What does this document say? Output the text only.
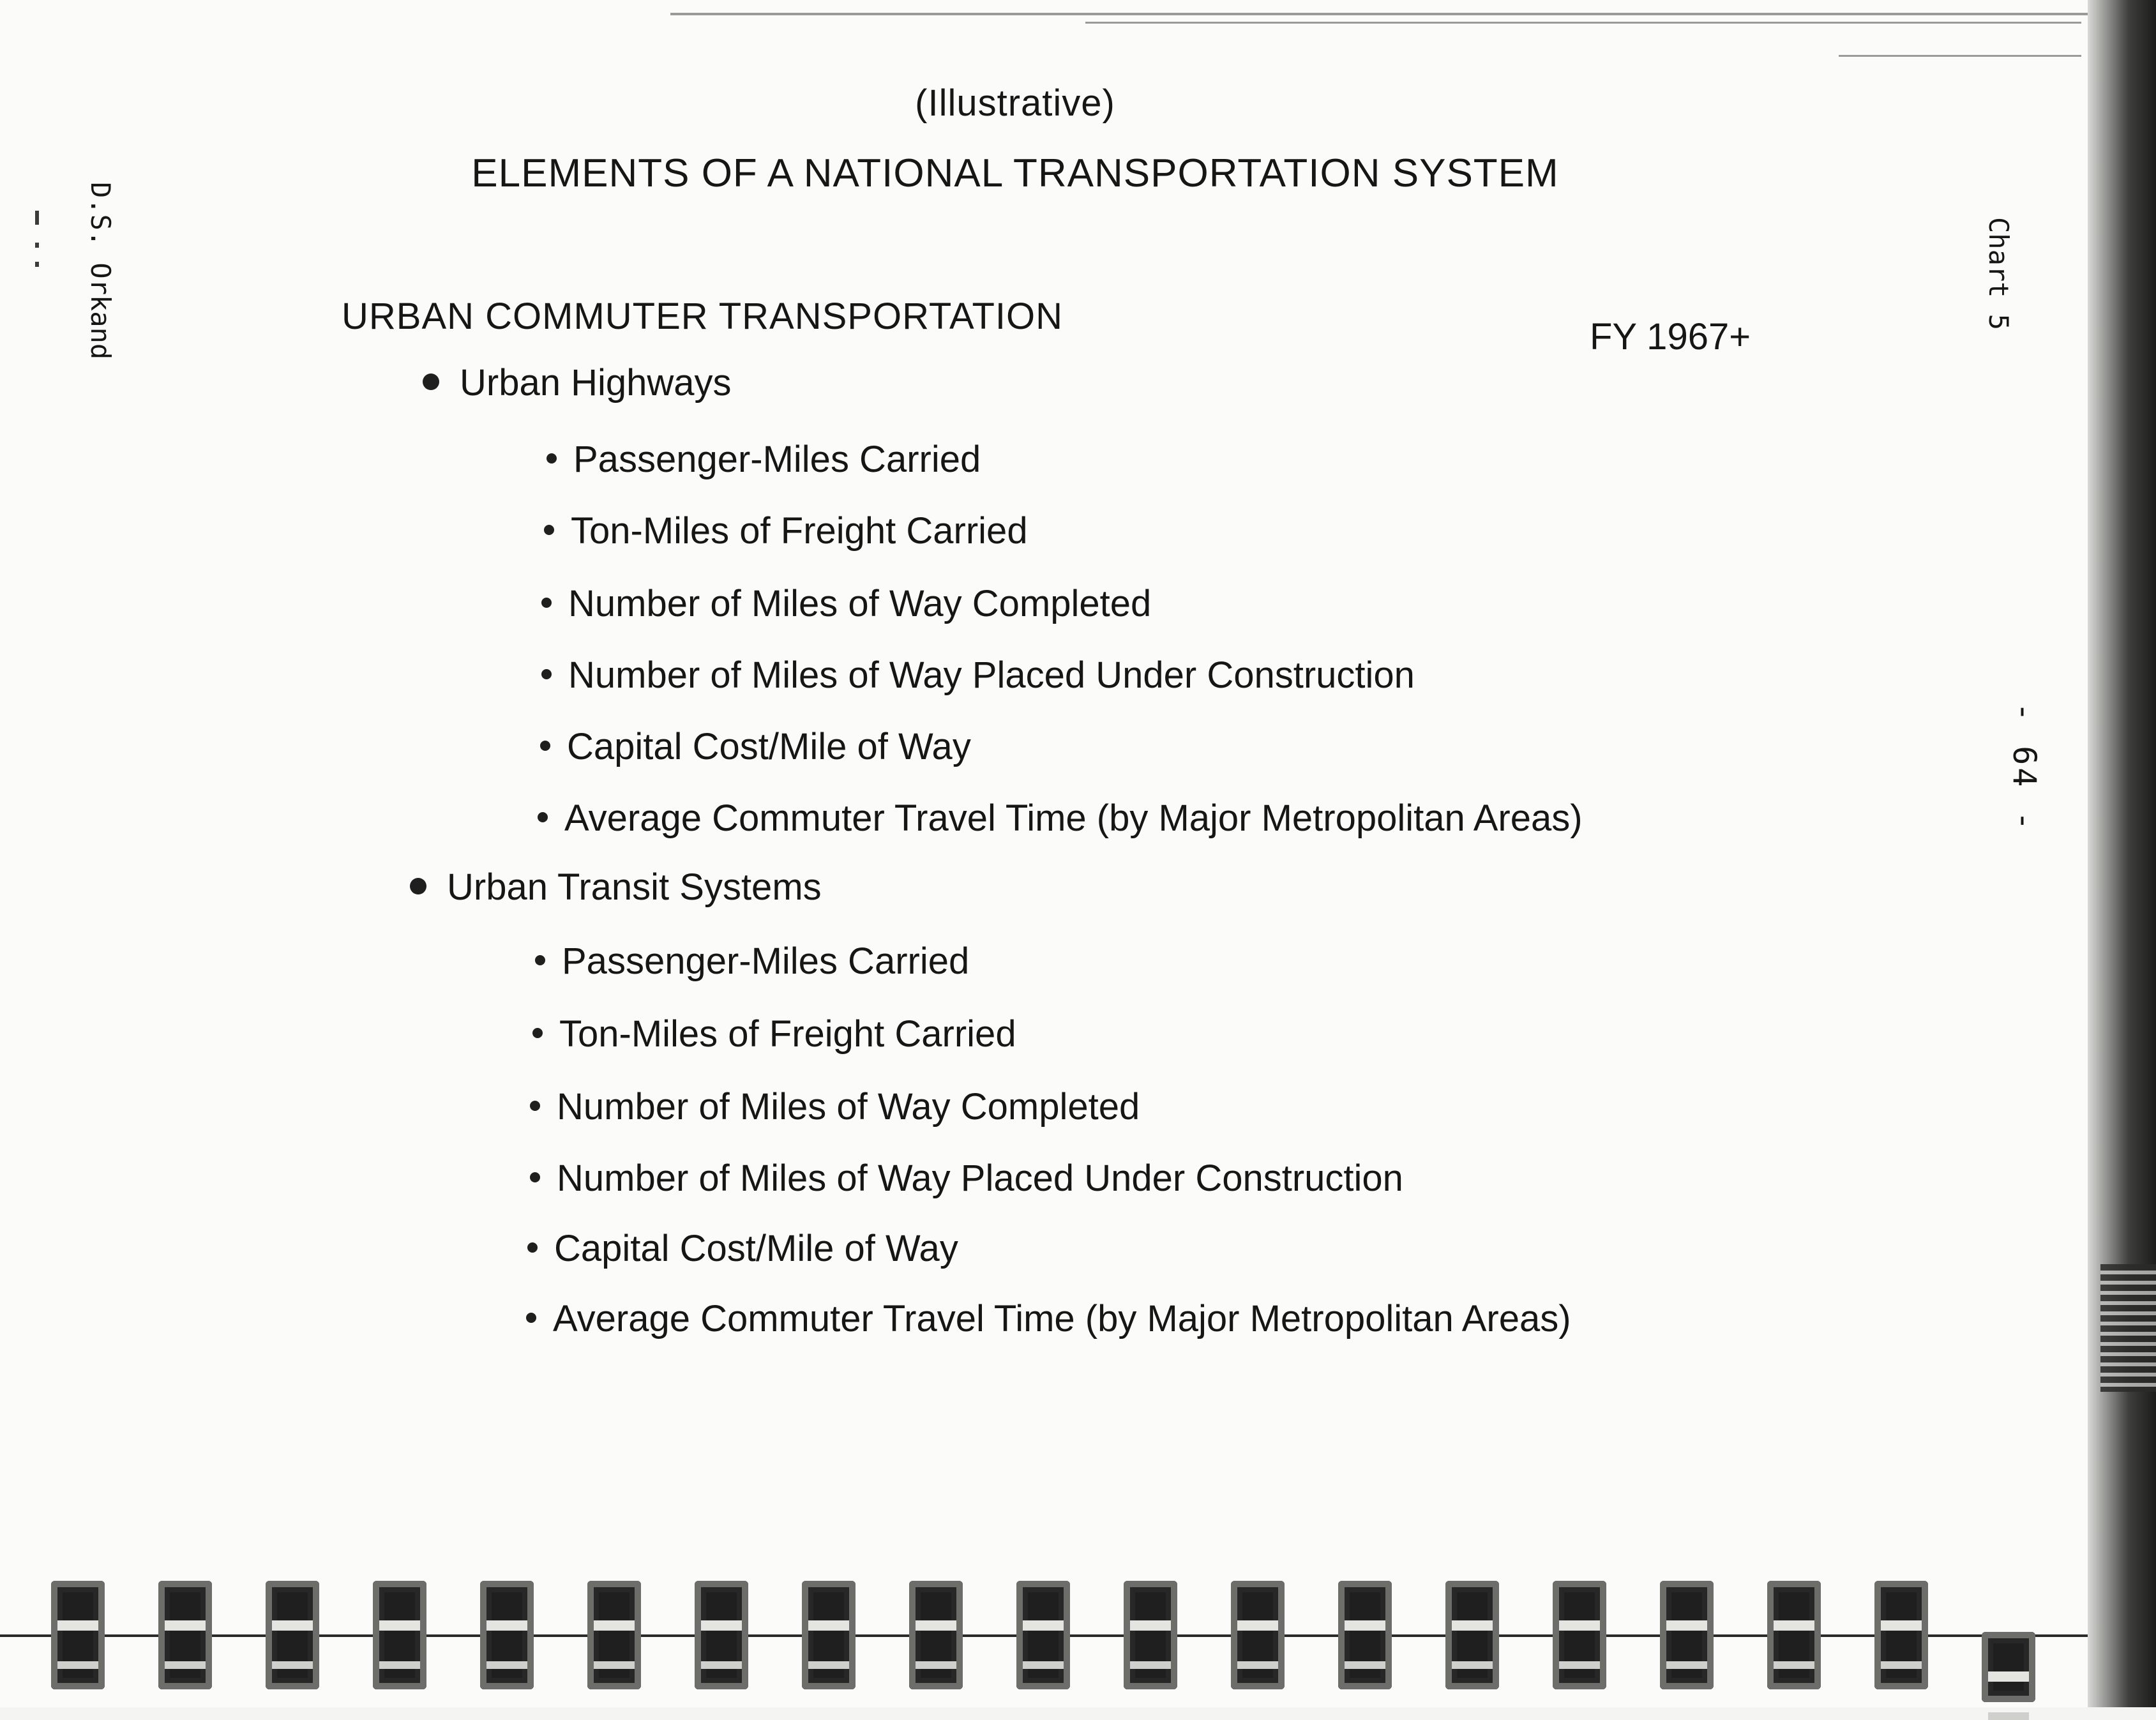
(Illustrative)
ELEMENTS OF A NATIONAL TRANSPORTATION SYSTEM
D.S. Orkand	Chart 5
- 64 -
URBAN COMMUTER TRANSPORTATION	FY 1967+
Urban Highways
Passenger-Miles Carried
Ton-Miles of Freight Carried
Number of Miles of Way Completed
Number of Miles of Way Placed Under Construction
Capital Cost/Mile of Way
Average Commuter Travel Time (by Major Metropolitan Areas)
Urban Transit Systems
Passenger-Miles Carried
Ton-Miles of Freight Carried
Number of Miles of Way Completed
Number of Miles of Way Placed Under Construction
Capital Cost/Mile of Way
Average Commuter Travel Time (by Major Metropolitan Areas)
